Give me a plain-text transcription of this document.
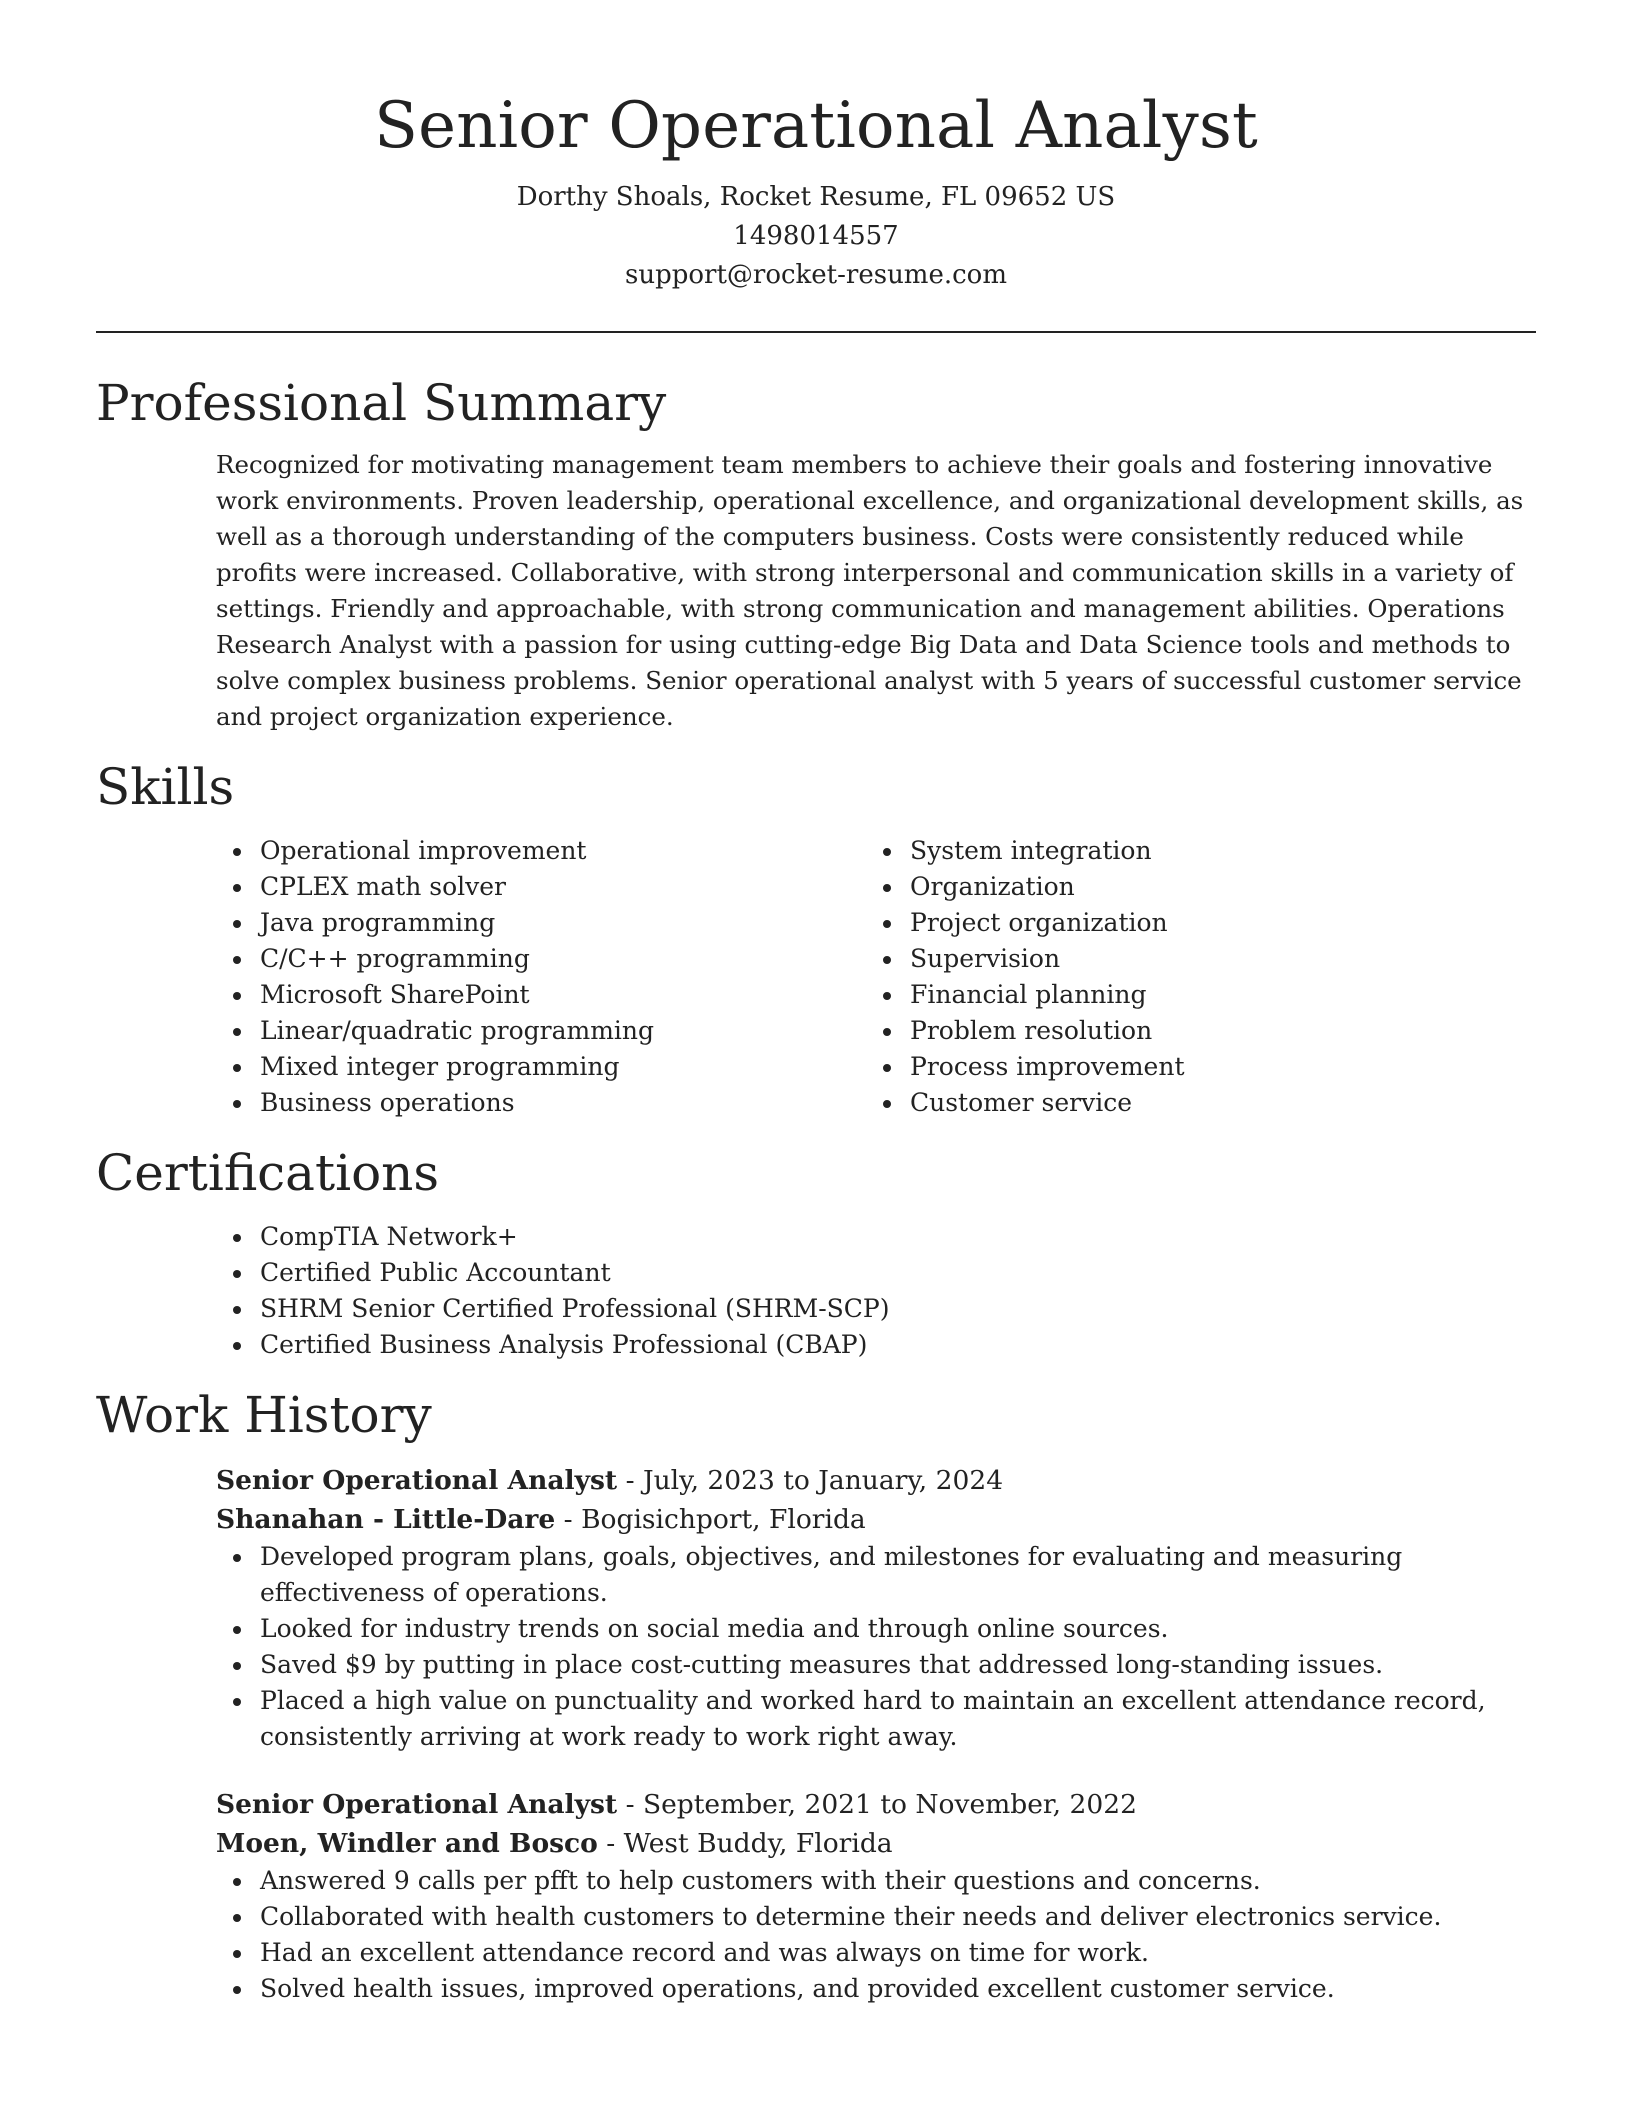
Senior Operational Analyst
Dorthy Shoals, Rocket Resume, FL 09652 US
1498014557
support@rocket-resume.com
Professional Summary

Recognized for motivating management team members to achieve their goals and fostering innovative work environments. Proven leadership, operational excellence, and organizational development skills, as well as a thorough understanding of the computers business. Costs were consistently reduced while profits were increased. Collaborative, with strong interpersonal and communication skills in a variety of settings. Friendly and approachable, with strong communication and management abilities. Operations Research Analyst with a passion for using cutting-edge Big Data and Data Science tools and methods to solve complex business problems. Senior operational analyst with 5 years of successful customer service and project organization experience.

Skills
Operational improvement
CPLEX math solver
Java programming
C/C++ programming
Microsoft SharePoint
Linear/quadratic programming
Mixed integer programming
Business operations
System integration
Organization
Project organization
Supervision
Financial planning
Problem resolution
Process improvement
Customer service
Certifications
CompTIA Network+
Certified Public Accountant
SHRM Senior Certified Professional (SHRM-SCP)
Certified Business Analysis Professional (CBAP)
Work History
Senior Operational Analyst - July, 2023 to January, 2024
Shanahan - Little-Dare - Bogisichport, Florida
Developed program plans, goals, objectives, and milestones for evaluating and measuring effectiveness of operations.
Looked for industry trends on social media and through online sources.
Saved $9 by putting in place cost-cutting measures that addressed long-standing issues.
Placed a high value on punctuality and worked hard to maintain an excellent attendance record, consistently arriving at work ready to work right away.
Senior Operational Analyst - September, 2021 to November, 2022
Moen, Windler and Bosco - West Buddy, Florida
Answered 9 calls per pfft to help customers with their questions and concerns.
Collaborated with health customers to determine their needs and deliver electronics service.
Had an excellent attendance record and was always on time for work.
Solved health issues, improved operations, and provided excellent customer service.
